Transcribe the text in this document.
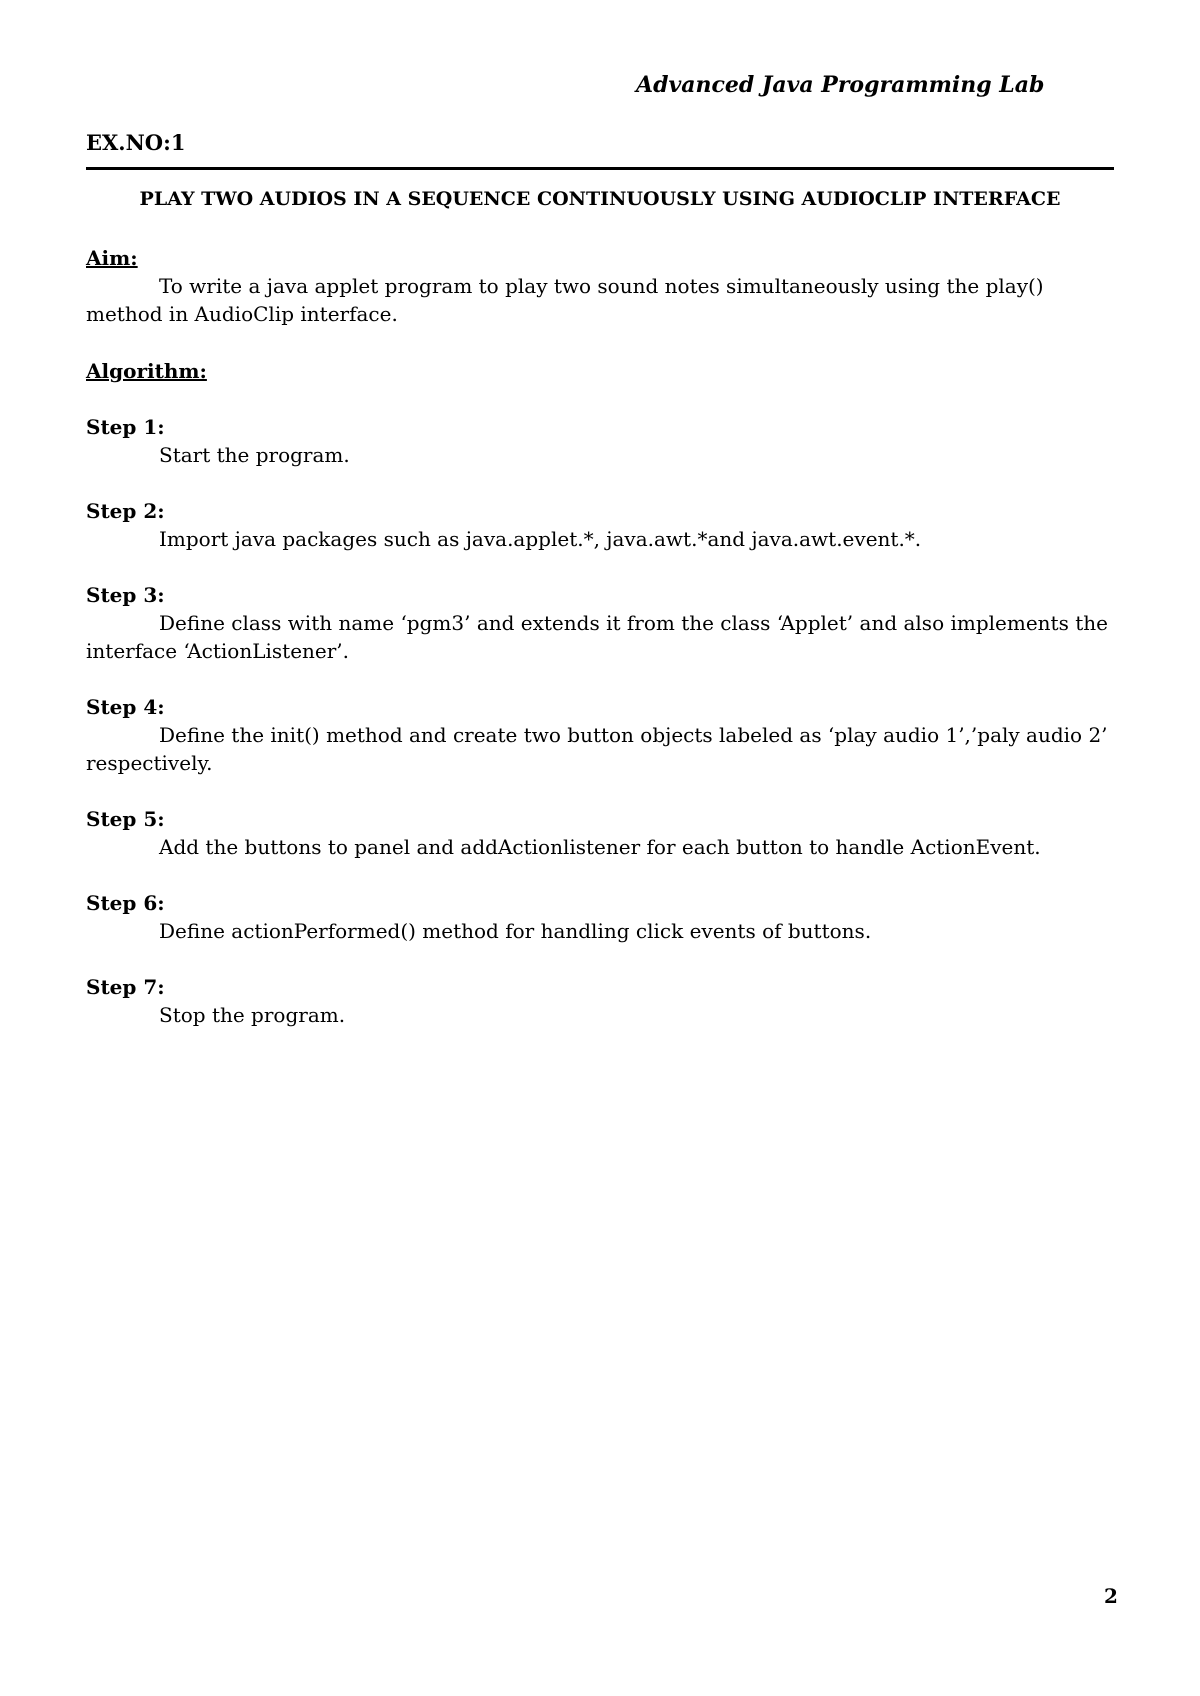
Advanced Java Programming Lab
EX.NO:1
PLAY TWO AUDIOS IN A SEQUENCE CONTINUOUSLY USING AUDIOCLIP INTERFACE

Aim:

To write a java applet program to play two sound notes simultaneously using the play() method in AudioClip interface.

Algorithm:

Step 1:

Start the program.

Step 2:

Import java packages such as java.applet.*, java.awt.*and java.awt.event.*.

Step 3:

Define class with name ‘pgm3’ and extends it from the class ‘Applet’ and also implements the interface ‘ActionListener’.

Step 4:

Define the init() method and create two button objects labeled as ‘play audio 1’,’paly audio 2’ respectively.

Step 5:

Add the buttons to panel and addActionlistener for each button to handle ActionEvent.

Step 6:

Define actionPerformed() method for handling click events of buttons.

Step 7:

Stop the program.

2
